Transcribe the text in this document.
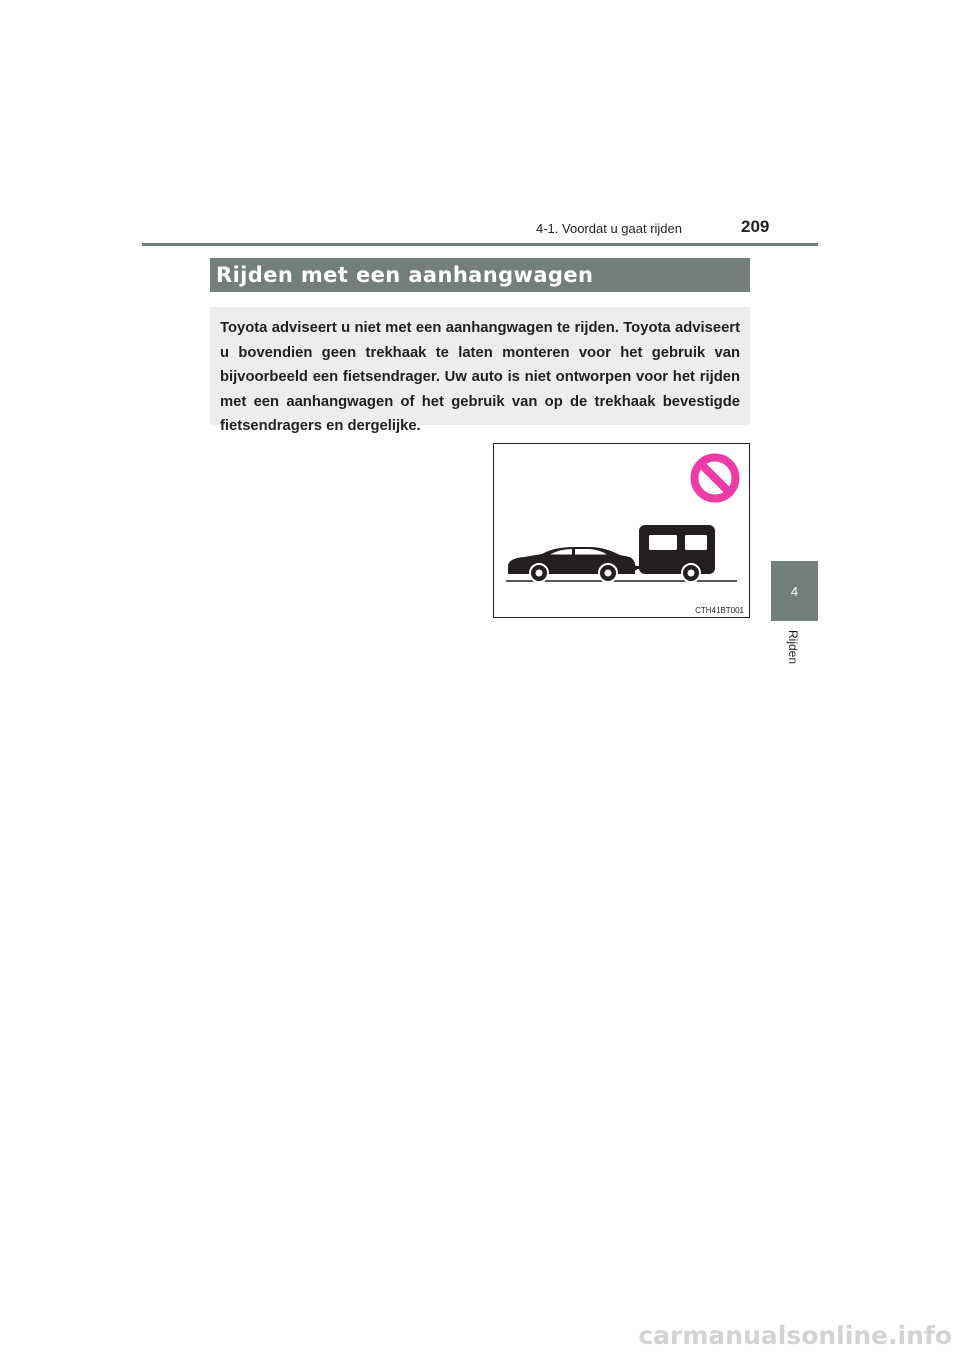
4-1. Voordat u gaat rijden	209
Rijden met een aanhangwagen

Toyota adviseert u niet met een aanhangwagen te rijden. Toyota adviseert u bovendien geen trekhaak te laten monteren voor het gebruik van bijvoorbeeld een fietsendrager. Uw auto is niet ontworpen voor het rijden met een aanhangwagen of het gebruik van op de trekhaak bevestigde fietsendragers en dergelijke.

CTH41BT001
4
Rijden
carmanualsonline.info
